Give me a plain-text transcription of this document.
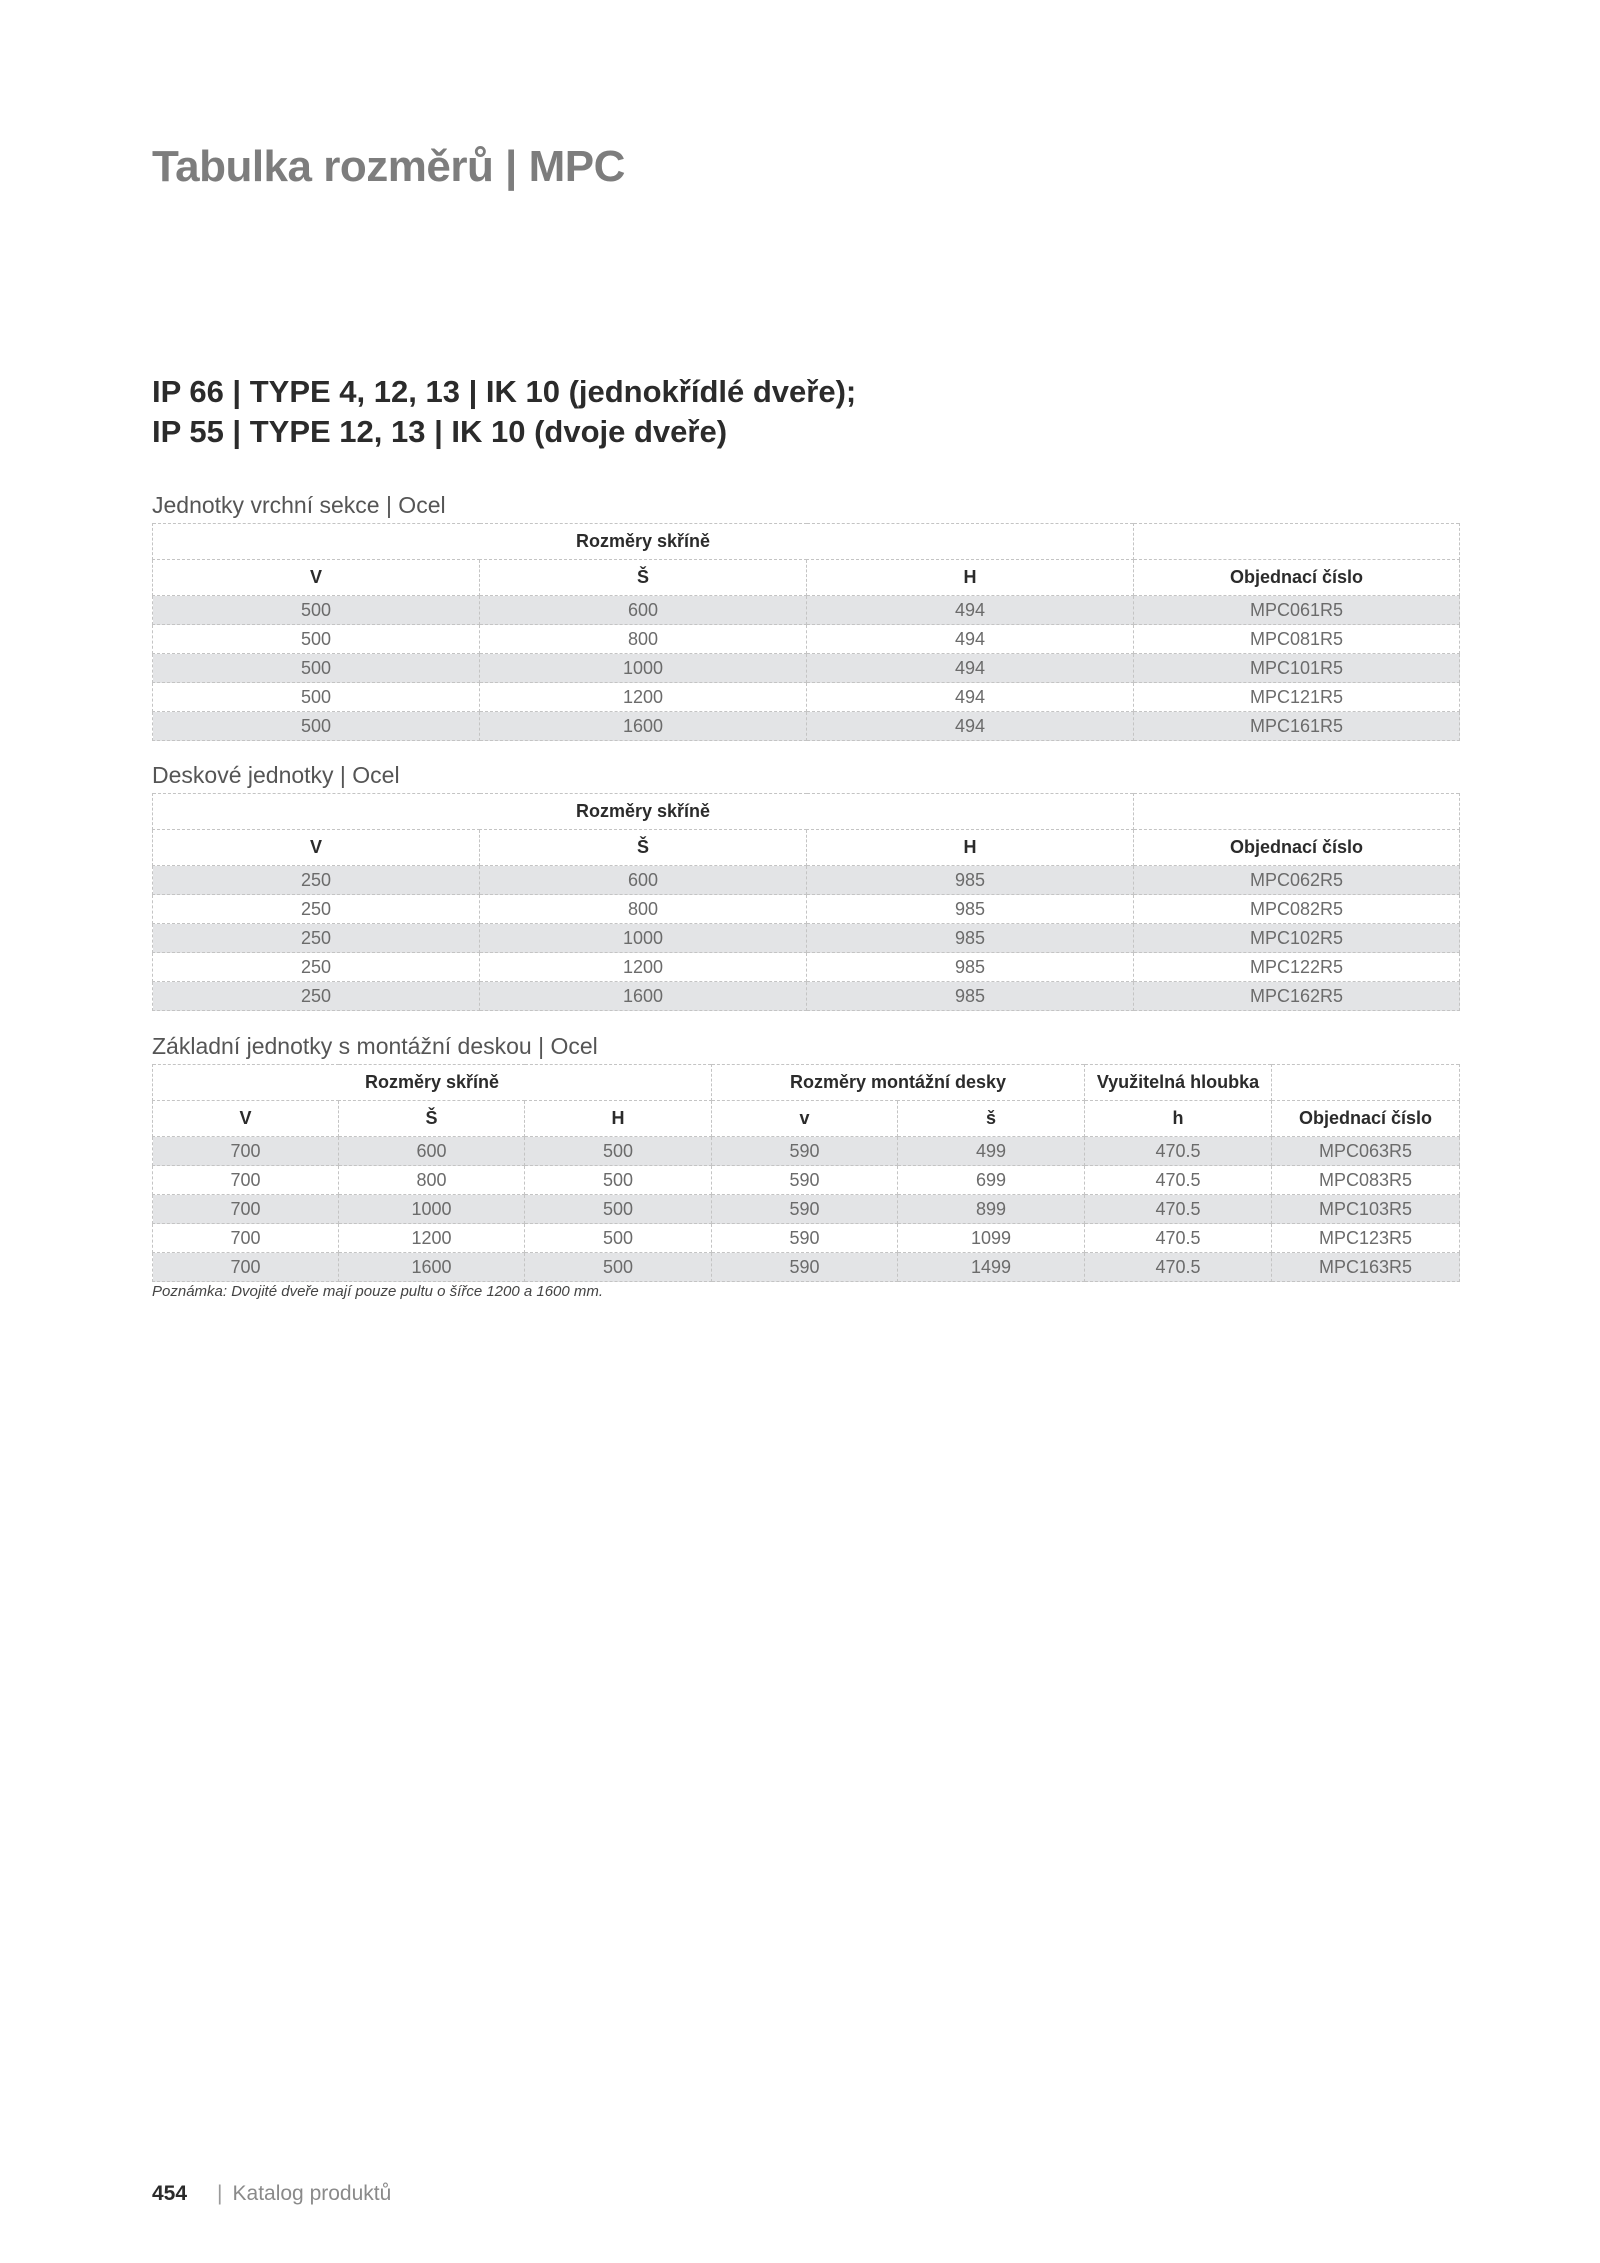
Tabulka rozměrů | MPC
IP 66 | TYPE 4, 12, 13 | IK 10 (jednokřídlé dveře);
IP 55 | TYPE 12, 13 | IK 10 (dvoje dveře)
Jednotky vrchní sekce | Ocel
Rozměry skříně			
V	Š	H	Objednací číslo
500	600	494	MPC061R5
500	800	494	MPC081R5
500	1000	494	MPC101R5
500	1200	494	MPC121R5
500	1600	494	MPC161R5
Deskové jednotky | Ocel
Rozměry skříně			
V	Š	H	Objednací číslo
250	600	985	MPC062R5
250	800	985	MPC082R5
250	1000	985	MPC102R5
250	1200	985	MPC122R5
250	1600	985	MPC162R5
Základní jednotky s montážní deskou | Ocel
Rozměry skříně			Rozměry montážní desky		Využitelná hloubka	
V	Š	H	v	š	h	Objednací číslo
700	600	500	590	499	470.5	MPC063R5
700	800	500	590	699	470.5	MPC083R5
700	1000	500	590	899	470.5	MPC103R5
700	1200	500	590	1099	470.5	MPC123R5
700	1600	500	590	1499	470.5	MPC163R5
Poznámka: Dvojité dveře mají pouze pultu o šířce 1200 a 1600 mm.
454 | Katalog produktů
